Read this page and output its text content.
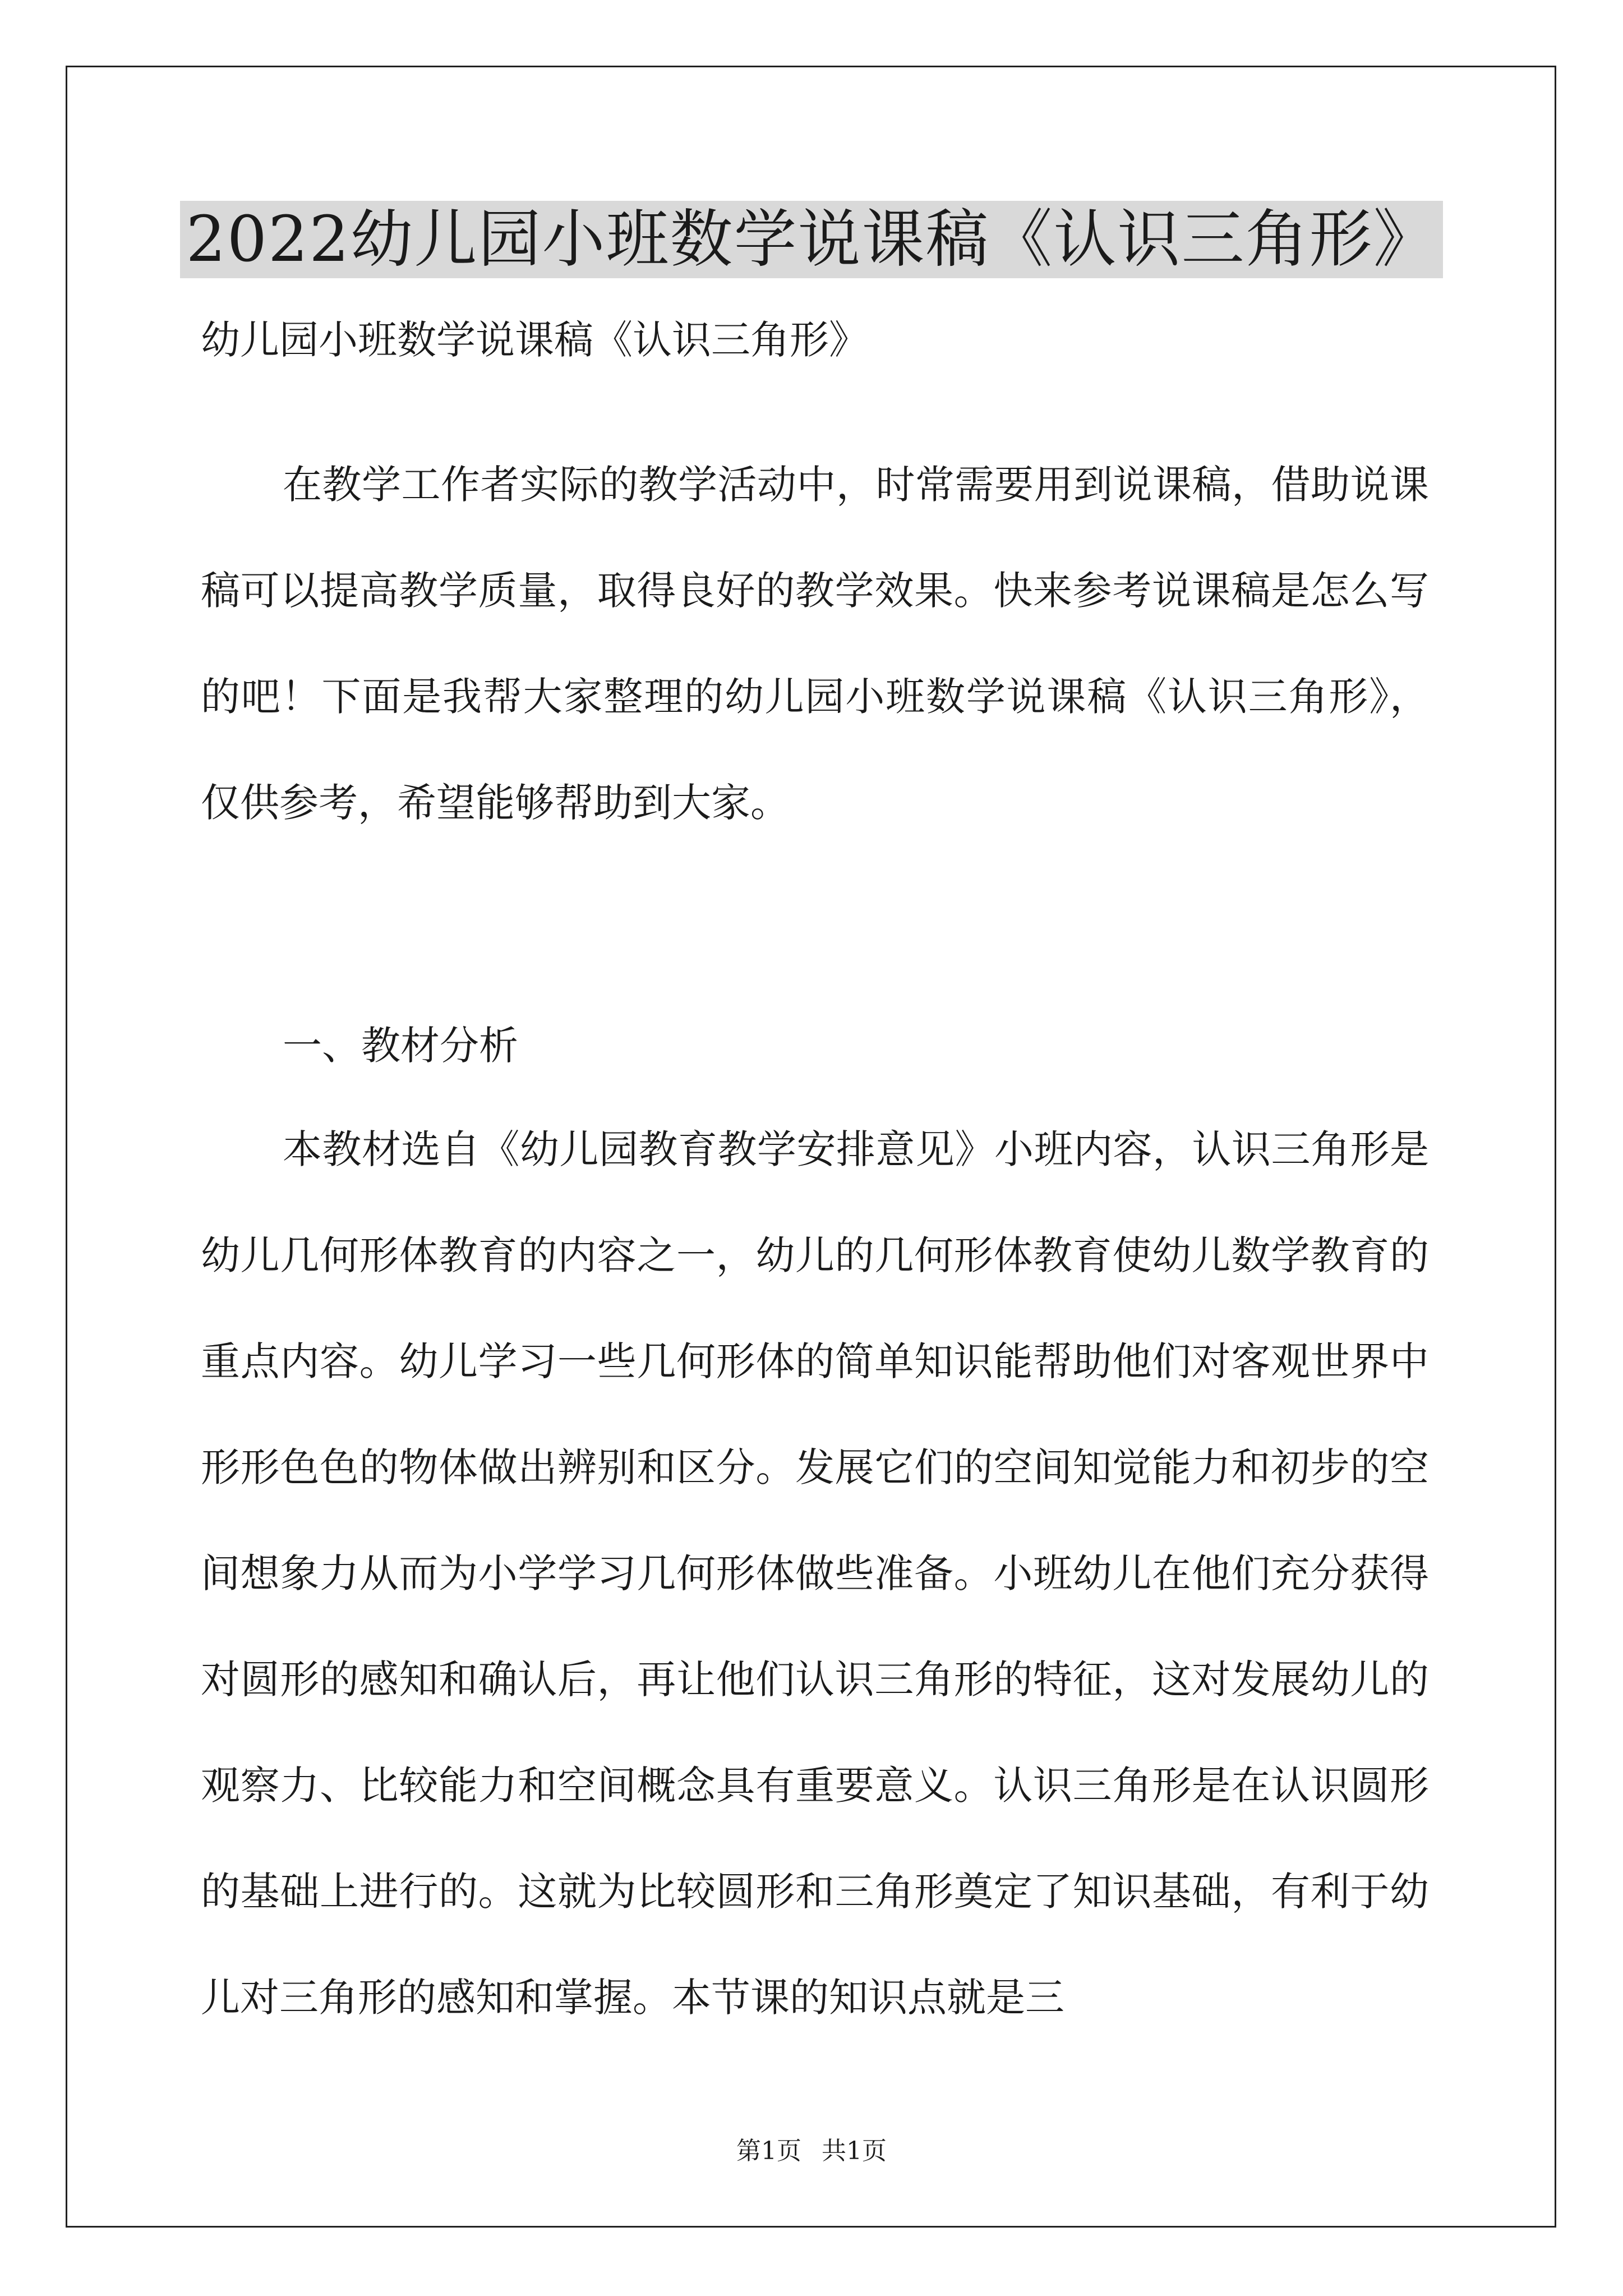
2022幼儿园小班数学说课稿《认识三角形》
幼儿园小班数学说课稿《认识三角形》

在教学工作者实际的教学活动中，时常需要用到说课稿，借助说课稿可以提高教学质量，取得良好的教学效果。快来参考说课稿是怎么写的吧！下面是我帮大家整理的幼儿园小班数学说课稿《认识三角形》，仅供参考，希望能够帮助到大家。

一、教材分析

本教材选自《幼儿园教育教学安排意见》小班内容，认识三角形是幼儿几何形体教育的内容之一，幼儿的几何形体教育使幼儿数学教育的重点内容。幼儿学习一些几何形体的简单知识能帮助他们对客观世界中形形色色的物体做出辨别和区分。发展它们的空间知觉能力和初步的空间想象力从而为小学学习几何形体做些准备。小班幼儿在他们充分获得对圆形的感知和确认后，再让他们认识三角形的特征，这对发展幼儿的观察力、比较能力和空间概念具有重要意义。认识三角形是在认识圆形的基础上进行的。这就为比较圆形和三角形奠定了知识基础，有利于幼儿对三角形的感知和掌握。本节课的知识点就是三

第1页 共1页
